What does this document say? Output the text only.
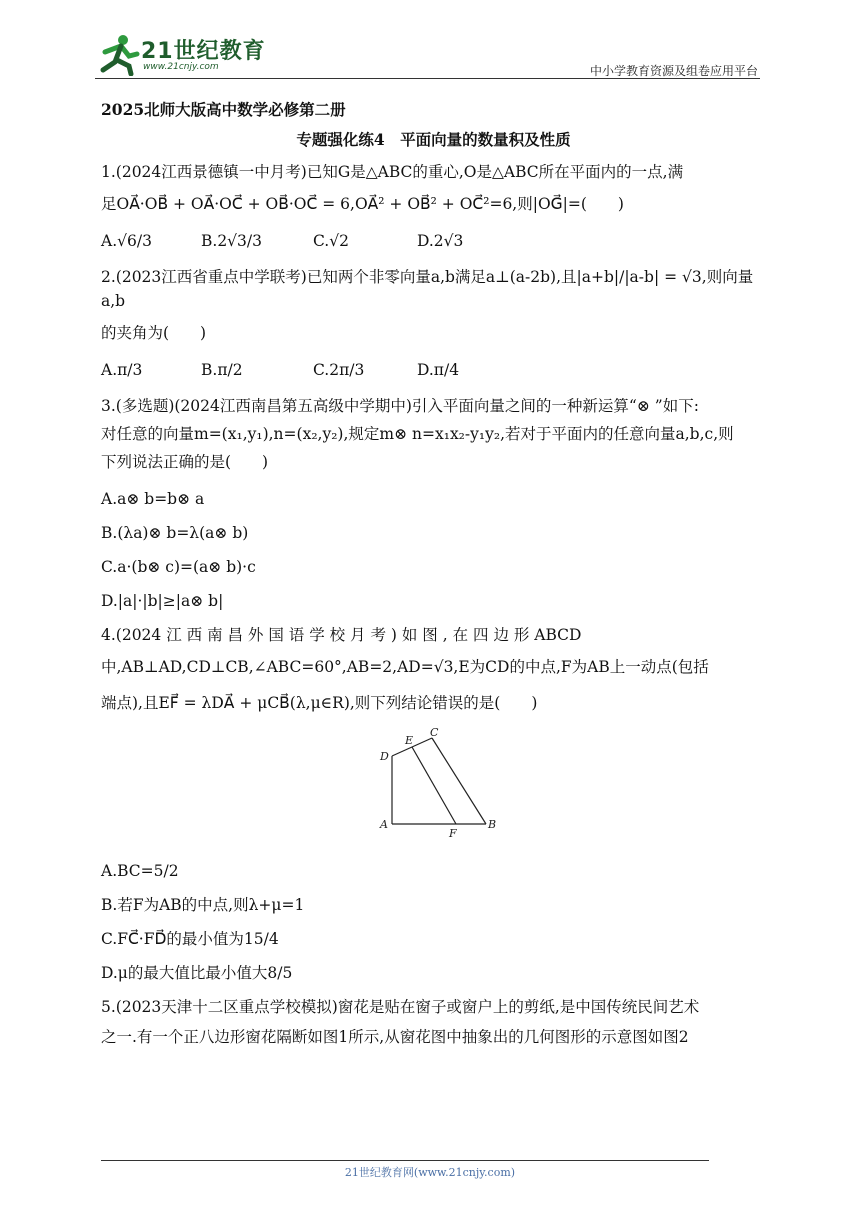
21世纪教育
www.21cnjy.com	中小学教育资源及组卷应用平台

2025北师大版高中数学必修第二册

专题强化练4　平面向量的数量积及性质

1.(2024江西景德镇一中月考)已知G是△ABC的重心,O是△ABC所在平面内的一点,满

足OA⃗·OB⃗ + OA⃗·OC⃗ + OB⃗·OC⃗ = 6,OA⃗² + OB⃗² + OC⃗²=6,则|OG⃗|=(　　)

A.√6/3	B.2√3/3	C.√2	D.2√3

2.(2023江西省重点中学联考)已知两个非零向量a,b满足a⊥(a-2b),且|a+b|/|a-b| = √3,则向量a,b

的夹角为(　　)

A.π/3	B.π/2	C.2π/3	D.π/4

3.(多选题)(2024江西南昌第五高级中学期中)引入平面向量之间的一种新运算“⊗ ”如下:

对任意的向量m=(x₁,y₁),n=(x₂,y₂),规定m⊗ n=x₁x₂-y₁y₂,若对于平面内的任意向量a,b,c,则

下列说法正确的是(　　)

A.a⊗ b=b⊗ a

B.(λa)⊗ b=λ(a⊗ b)

C.a·(b⊗ c)=(a⊗ b)·c

D.|a|·|b|≥|a⊗ b|

4.(2024 江 西 南 昌 外 国 语 学 校 月 考 ) 如 图 , 在 四 边 形 ABCD

中,AB⊥AD,CD⊥CB,∠ABC=60°,AB=2,AD=√3,E为CD的中点,F为AB上一动点(包括

端点),且EF⃗ = λDA⃗ + μCB⃗(λ,μ∈R),则下列结论错误的是(　　)

D
E
C
A
F
B

A.BC=5/2

B.若F为AB的中点,则λ+μ=1

C.FC⃗·FD⃗的最小值为15/4

D.μ的最大值比最小值大8/5

5.(2023天津十二区重点学校模拟)窗花是贴在窗子或窗户上的剪纸,是中国传统民间艺术

之一.有一个正八边形窗花隔断如图1所示,从窗花图中抽象出的几何图形的示意图如图2

21世纪教育网(www.21cnjy.com)
